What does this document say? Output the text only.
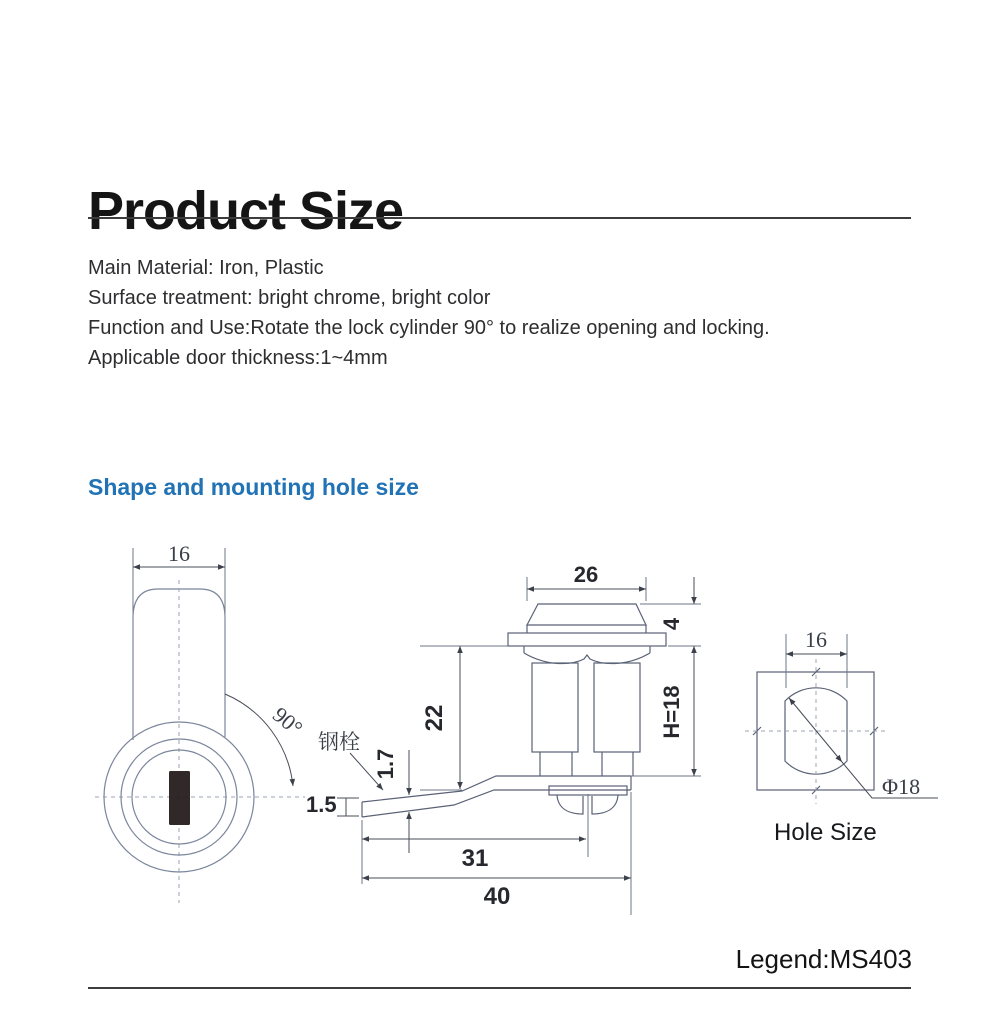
Product Size
Main Material: Iron, Plastic
Surface treatment: bright chrome, bright color
Function and Use:Rotate the lock cylinder 90° to realize opening and locking.
Applicable door thickness:1~4mm
Shape and mounting hole size
16
90°
26
22
4
H=18
钢栓
1.7
1.5
31
40
16
Φ18
Hole Size
Legend:MS403
